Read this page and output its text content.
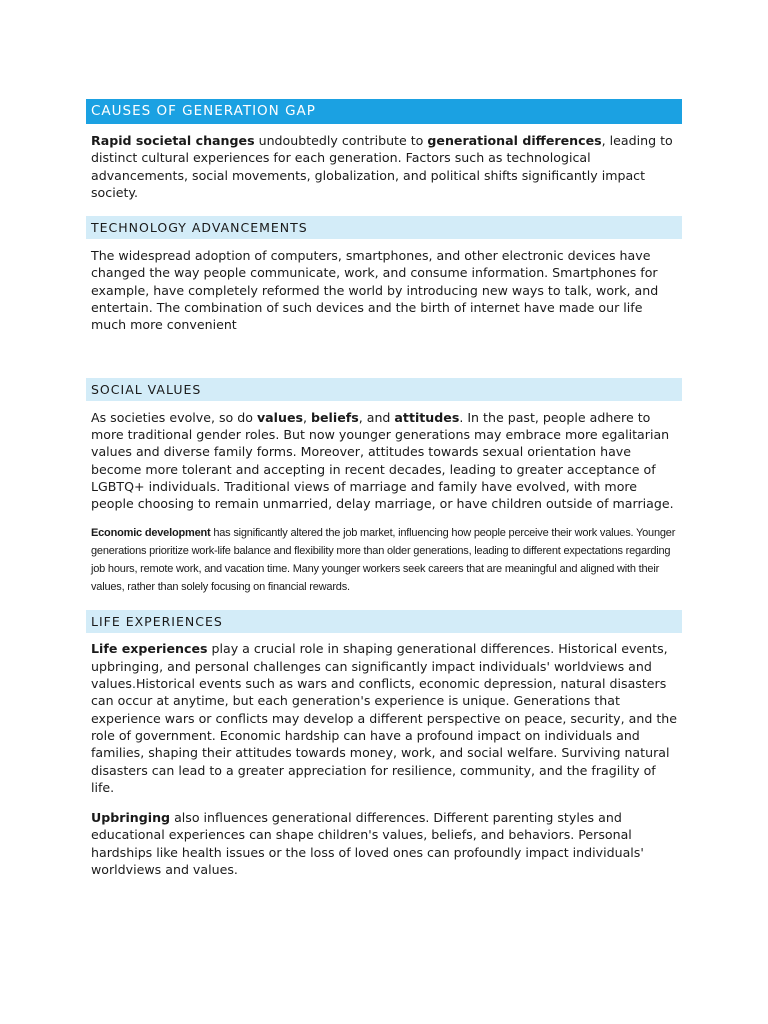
CAUSES OF GENERATION GAP

Rapid societal changes undoubtedly contribute to generational differences, leading to distinct cultural experiences for each generation. Factors such as technological advancements, social movements, globalization, and political shifts significantly impact society.

TECHNOLOGY ADVANCEMENTS

The widespread adoption of computers, smartphones, and other electronic devices have changed the way people communicate, work, and consume information. Smartphones for example, have completely reformed the world by introducing new ways to talk, work, and entertain. The combination of such devices and the birth of internet have made our life much more convenient

SOCIAL VALUES

As societies evolve, so do values, beliefs, and attitudes. In the past, people adhere to more traditional gender roles. But now younger generations may embrace more egalitarian values and diverse family forms. Moreover, attitudes towards sexual orientation have become more tolerant and accepting in recent decades, leading to greater acceptance of LGBTQ+ individuals. Traditional views of marriage and family have evolved, with more people choosing to remain unmarried, delay marriage, or have children outside of marriage.

Economic development has significantly altered the job market, influencing how people perceive their work values. Younger generations prioritize work-life balance and flexibility more than older generations, leading to different expectations regarding job hours, remote work, and vacation time. Many younger workers seek careers that are meaningful and aligned with their values, rather than solely focusing on financial rewards.

LIFE EXPERIENCES

Life experiences play a crucial role in shaping generational differences. Historical events, upbringing, and personal challenges can significantly impact individuals' worldviews and values.Historical events such as wars and conflicts, economic depression, natural disasters can occur at anytime, but each generation's experience is unique. Generations that experience wars or conflicts may develop a different perspective on peace, security, and the role of government. Economic hardship can have a profound impact on individuals and families, shaping their attitudes towards money, work, and social welfare. Surviving natural disasters can lead to a greater appreciation for resilience, community, and the fragility of life.

Upbringing also influences generational differences. Different parenting styles and educational experiences can shape children's values, beliefs, and behaviors. Personal hardships like health issues or the loss of loved ones can profoundly impact individuals' worldviews and values.
